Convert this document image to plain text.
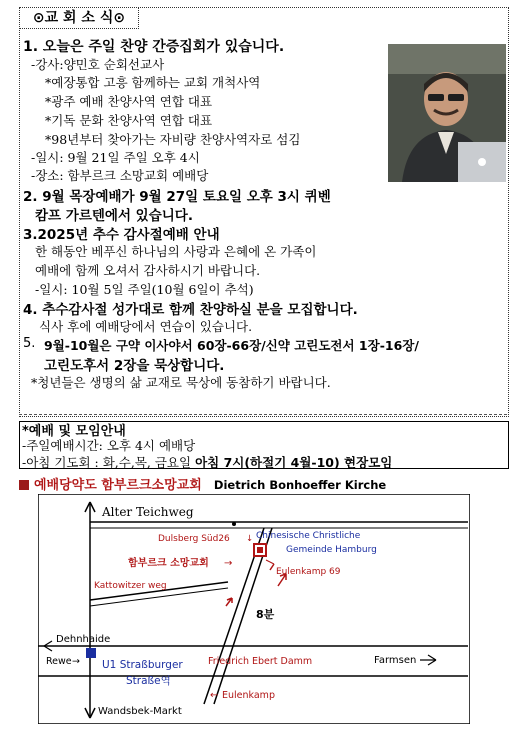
⊙교 회 소 식⊙
1. 오늘은 주일 찬양 간증집회가 있습니다.
-강사:양민호 순회선교사
*예장통합 고흥 함께하는 교회 개척사역
*광주 예배 찬양사역 연합 대표
*기독 문화 찬양사역 연합 대표
*98년부터 찾아가는 자비량 찬양사역자로 섬김
-일시: 9월 21일 주일 오후 4시
-장소: 함부르크 소망교회 예배당
2. 9월 목장예배가 9월 27일 토요일 오후 3시 퀴벤
캄프 가르텐에서 있습니다.
3.2025년 추수 감사절예배 안내
한 해동안 베푸신 하나님의 사랑과 은혜에 온 가족이
예배에 함께 오셔서 감사하시기 바랍니다.
-일시: 10월 5일 주일(10월 6일이 추석)
4. 추수감사절 성가대로 함께 찬양하실 분을 모집합니다.
식사 후에 예배당에서 연습이 있습니다.
5. 9월-10월은 구약 이사야서 60장-66장/신약 고린도전서 1장-16장/
고린도후서 2장을 묵상합니다.
*청년들은 생명의 삶 교재로 묵상에 동참하기 바랍니다.
*예배 및 모임안내
-주일예배시간: 오후 4시 예배당
-아침 기도회 : 화,수,목, 금요일 아침 7시(하절기 4월-10) 현장모임
예배당약도 함부르크소망교회 Dietrich Bonhoeffer Kirche
Alter Teichweg
Dulsberg Süd26 ↓ Chinesische Christliche
Gemeinde Hamburg
함부르크 소망교회 →
Eulenkamp 69
Kattowitzer weg
8분
Dehnhaide
Rewe → U1 Straßburger
Straße역
Friedrich Ebert Damm	Farmsen
Eulenkamp
←
Wandsbek-Markt
